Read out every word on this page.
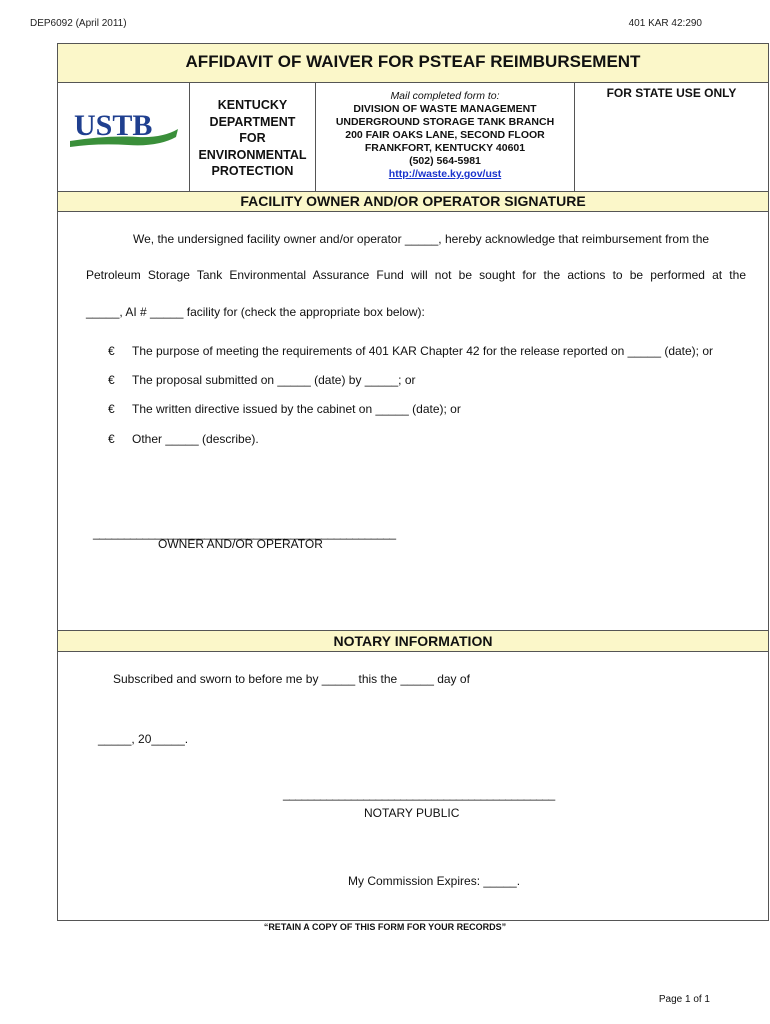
DEP6092 (April 2011)	401 KAR 42:290
AFFIDAVIT OF WAIVER FOR PSTEAF REIMBURSEMENT
USTB
KENTUCKY
DEPARTMENT
FOR
ENVIRONMENTAL
PROTECTION
Mail completed form to:
DIVISION OF WASTE MANAGEMENT
UNDERGROUND STORAGE TANK BRANCH
200 FAIR OAKS LANE, SECOND FLOOR
FRANKFORT, KENTUCKY 40601
(502) 564-5981
http://waste.ky.gov/ust
FOR STATE USE ONLY
FACILITY OWNER AND/OR OPERATOR SIGNATURE
We, the undersigned facility owner and/or operator _____, hereby acknowledge that reimbursement from the
Petroleum Storage Tank Environmental Assurance Fund will not be sought for the actions to be performed at the
_____, AI # _____ facility for (check the appropriate box below):
€ The purpose of meeting the requirements of 401 KAR Chapter 42 for the release reported on _____ (date); or
€ The proposal submitted on _____ (date) by _____; or
€ The written directive issued by the cabinet on _____ (date); or
€ Other _____ (describe).
_________________________________________________
OWNER AND/OR OPERATOR
NOTARY INFORMATION
Subscribed and sworn to before me by _____ this the _____ day of
_____, 20_____.
____________________________________________
NOTARY PUBLIC
My Commission Expires: _____.
“RETAIN A COPY OF THIS FORM FOR YOUR RECORDS”
Page 1 of 1
